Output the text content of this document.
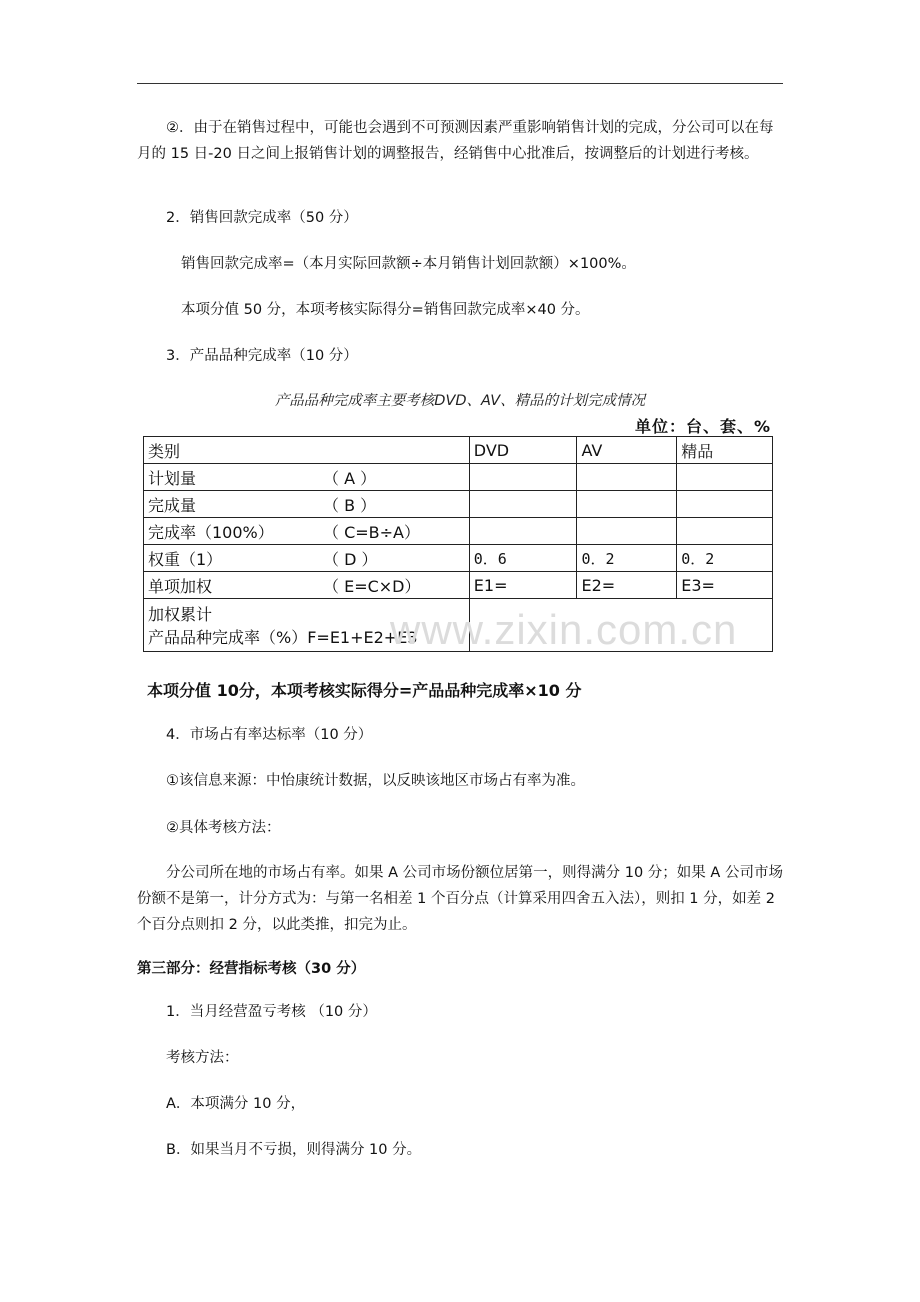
②．由于在销售过程中，可能也会遇到不可预测因素严重影响销售计划的完成，分公司可以在每月的 15 日-20 日之间上报销售计划的调整报告，经销售中心批准后，按调整后的计划进行考核。

2．销售回款完成率（50 分）

销售回款完成率=（本月实际回款额÷本月销售计划回款额）×100%。

本项分值 50 分，本项考核实际得分=销售回款完成率×40 分。

3．产品品种完成率（10 分）

产品品种完成率主要考核DVD、AV、精品的计划完成情况
单位：台、套、%
类别	DVD	AV	精品
计划量 （ A ）			
完成量 （ B ）			
完成率（100%） （ C=B÷A）			
权重（1） （ D ）	0．6	0．2	0．2
单项加权 （ E=C×D）	E1=	E2=	E3=

加权累计
产品品种完成率（%）F=E1+E2+E3			

本项分值 10分，本项考核实际得分=产品品种完成率×10 分
www.zixin.com.cn

4．市场占有率达标率（10 分）

①该信息来源：中怡康统计数据，以反映该地区市场占有率为准。

②具体考核方法：

分公司所在地的市场占有率。如果 A 公司市场份额位居第一，则得满分 10 分；如果 A 公司市场份额不是第一，计分方式为：与第一名相差 1 个百分点（计算采用四舍五入法），则扣 1 分，如差 2 个百分点则扣 2 分，以此类推，扣完为止。

第三部分：经营指标考核（30 分）

1．当月经营盈亏考核 （10 分）

考核方法：

A．本项满分 10 分，

B．如果当月不亏损，则得满分 10 分。
